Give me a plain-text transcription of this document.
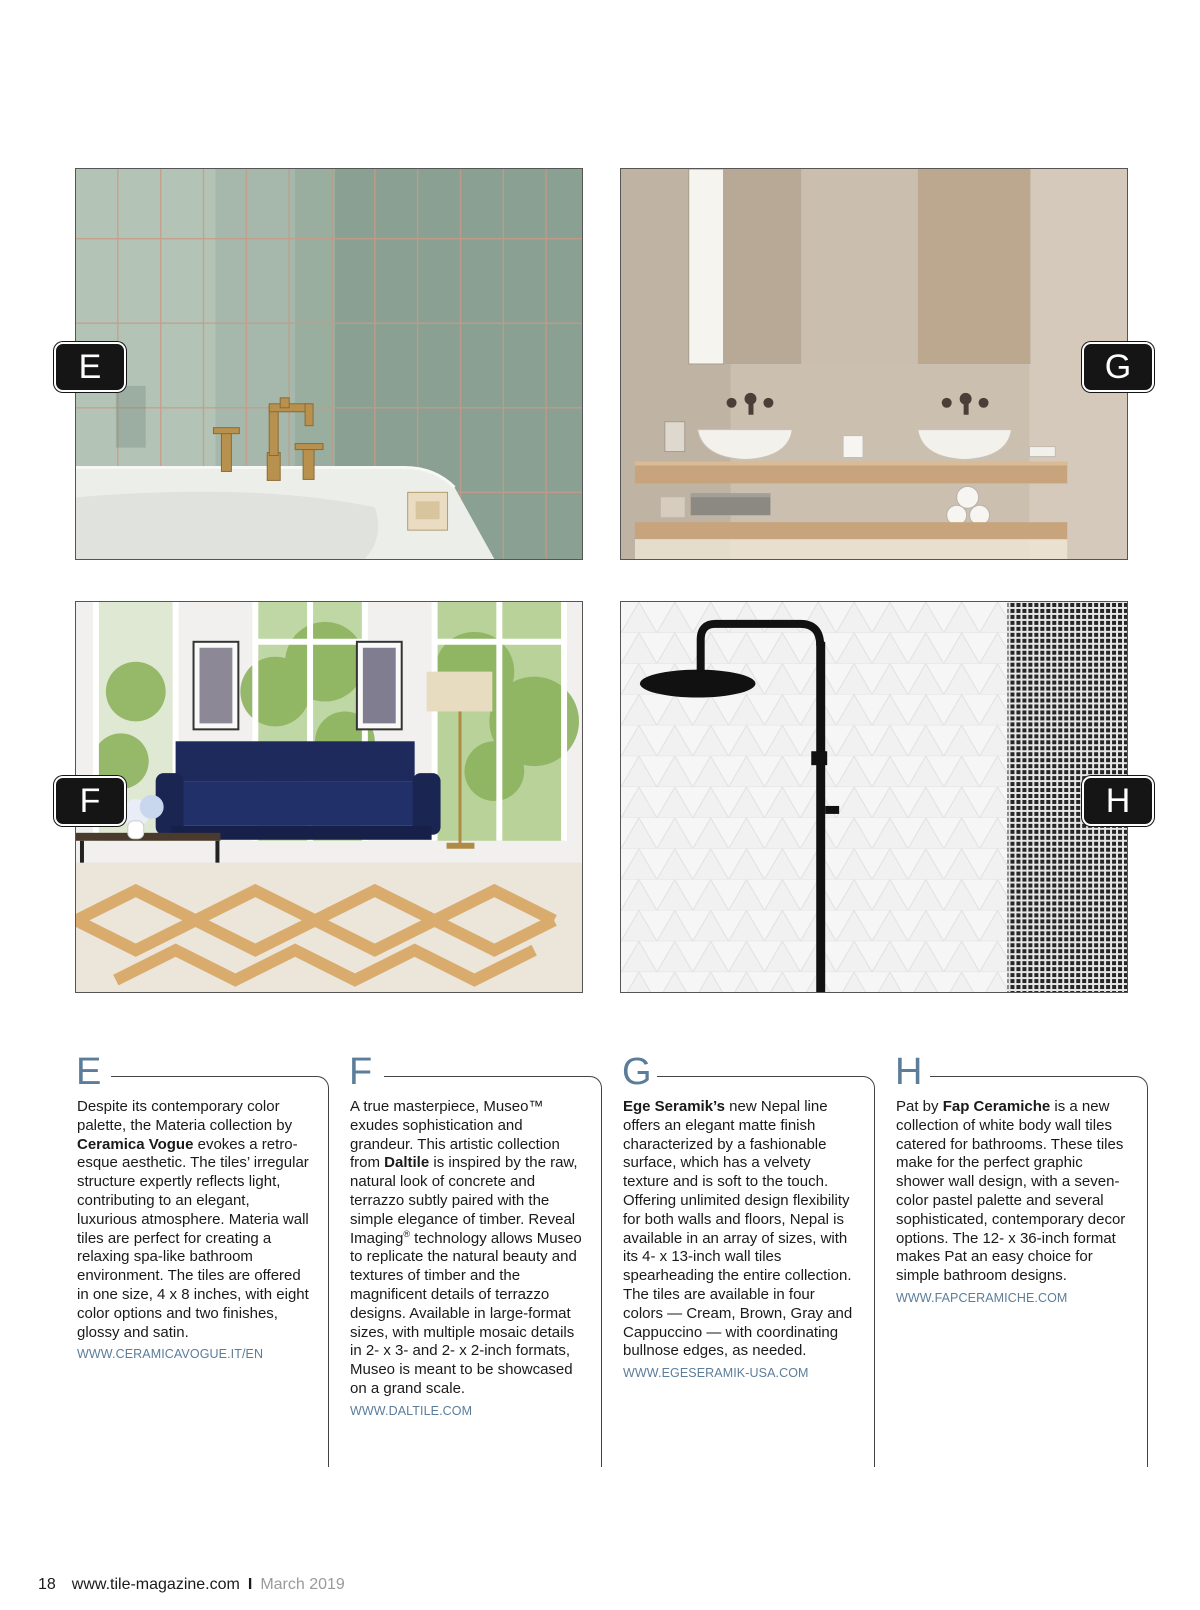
E	G
F	H
E
Despite its contemporary color palette, the Materia collection by Ceramica Vogue evokes a retro-esque aesthetic. The tiles’ irregular structure expertly reflects light, contributing to an elegant, luxurious atmosphere. Materia wall tiles are perfect for creating a relaxing spa-like bathroom environment. The tiles are offered in one size, 4 x 8 inches, with eight color options and two finishes, glossy and satin.
WWW.CERAMICAVOGUE.IT/EN
F
A true masterpiece, Museo™ exudes sophistication and grandeur. This artistic collection from Daltile is inspired by the raw, natural look of concrete and terrazzo subtly paired with the simple elegance of timber. Reveal Imaging® technology allows Museo to replicate the natural beauty and textures of timber and the magnificent details of terrazzo designs. Available in large-format sizes, with multiple mosaic details in 2- x 3- and 2- x 2-inch formats, Museo is meant to be showcased on a grand scale.
WWW.DALTILE.COM
G
Ege Seramik’s new Nepal line offers an elegant matte finish characterized by a fashionable surface, which has a velvety texture and is soft to the touch. Offering unlimited design flexibility for both walls and floors, Nepal is available in an array of sizes, with its 4- x 13-inch wall tiles spearheading the entire collection. The tiles are available in four colors — Cream, Brown, Gray and Cappuccino — with coordinating bullnose edges, as needed.
WWW.EGESERAMIK-USA.COM
H
Pat by Fap Ceramiche is a new collection of white body wall tiles catered for bathrooms. These tiles make for the perfect graphic shower wall design, with a seven-color pastel palette and several sophisticated, contemporary decor options. The 12- x 36-inch format makes Pat an easy choice for simple bathroom designs.
WWW.FAPCERAMICHE.COM
18 www.tile-magazine.com I March 2019
